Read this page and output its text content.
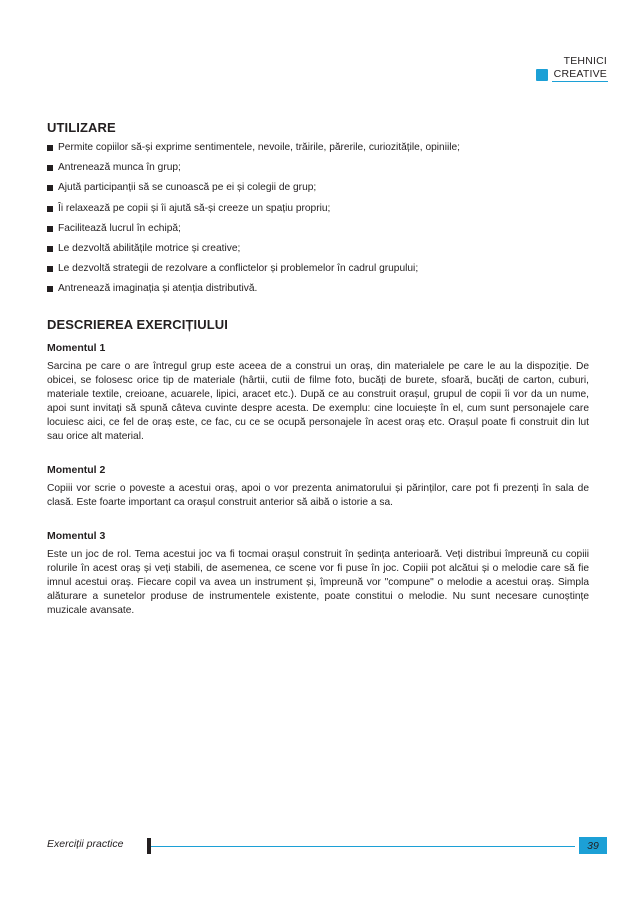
TEHNICI
CREATIVE
UTILIZARE
Permite copiilor să-și exprime sentimentele, nevoile, trăirile, părerile, curiozitățile, opiniile;
Antrenează munca în grup;
Ajută participanții să se cunoască pe ei și colegii de grup;
Îi relaxează pe copii și îi ajută să-și creeze un spațiu propriu;
Facilitează lucrul în echipă;
Le dezvoltă abilitățile motrice și creative;
Le dezvoltă strategii de rezolvare a conflictelor și problemelor în cadrul grupului;
Antrenează imaginația și atenția distributivă.
DESCRIEREA EXERCIȚIULUI
Momentul 1

Sarcina pe care o are întregul grup este aceea de a construi un oraș, din materialele pe care le au la dispoziție. De obicei, se folosesc orice tip de materiale (hârtii, cutii de filme foto, bucăți de burete, sfoară, bucăți de carton, cuburi, materiale textile, creioane, acuarele, lipici, aracet etc.). După ce au construit orașul, grupul de copii îi vor da un nume, apoi sunt invitați să spună câteva cuvinte despre acesta. De exemplu: cine locuiește în el, cum sunt personajele care locuiesc aici, ce fel de oraș este, ce fac, cu ce se ocupă personajele în acest oraș etc. Orașul poate fi construit din lut sau orice alt material.

Momentul 2

Copiii vor scrie o poveste a acestui oraș, apoi o vor prezenta animatorului și părinților, care pot fi prezenți în sala de clasă. Este foarte important ca orașul construit anterior să aibă o istorie a sa.

Momentul 3

Este un joc de rol. Tema acestui joc va fi tocmai orașul construit în ședința anterioară. Veți distribui împreună cu copiii rolurile în acest oraș și veți stabili, de asemenea, ce scene vor fi puse în joc. Copiii pot alcătui și o melodie care să fie imnul acestui oraș. Fiecare copil va avea un instrument și, împreună vor "compune" o melodie a acestui oraș. Simpla alăturare a sunetelor produse de instrumentele existente, poate constitui o melodie. Nu sunt necesare cunoștințe muzicale avansate.

Exerciții practice	39
